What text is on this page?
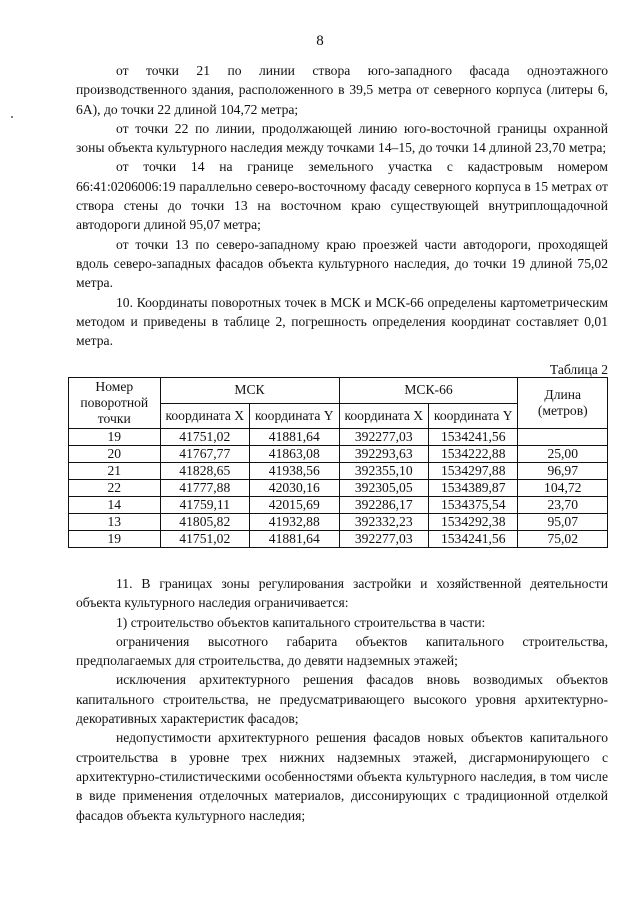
8

от точки 21 по линии створа юго-западного фасада одноэтажного производственного здания, расположенного в 39,5 метра от северного корпуса (литеры 6, 6А), до точки 22 длиной 104,72 метра;

от точки 22 по линии, продолжающей линию юго-восточной границы охранной зоны объекта культурного наследия между точками 14–15, до точки 14 длиной 23,70 метра;

от точки 14 на границе земельного участка с кадастровым номером 66:41:0206006:19 параллельно северо-восточному фасаду северного корпуса в 15 метрах от створа стены до точки 13 на восточном краю существующей внутриплощадочной автодороги длиной 95,07 метра;

от точки 13 по северо-западному краю проезжей части автодороги, проходящей вдоль северо-западных фасадов объекта культурного наследия, до точки 19 длиной 75,02 метра.

10. Координаты поворотных точек в МСК и МСК-66 определены картометрическим методом и приведены в таблице 2, погрешность определения координат составляет 0,01 метра.

Таблица 2
Номер поворотной точки	МСК		МСК-66		Длина (метров)
	координата X	координата Y	координата X	координата Y	
19	41751,02	41881,64	392277,03	1534241,56	
20	41767,77	41863,08	392293,63	1534222,88	25,00
21	41828,65	41938,56	392355,10	1534297,88	96,97
22	41777,88	42030,16	392305,05	1534389,87	104,72
14	41759,11	42015,69	392286,17	1534375,54	23,70
13	41805,82	41932,88	392332,23	1534292,38	95,07
19	41751,02	41881,64	392277,03	1534241,56	75,02

11. В границах зоны регулирования застройки и хозяйственной деятельности объекта культурного наследия ограничивается:

1) строительство объектов капитального строительства в части:

ограничения высотного габарита объектов капитального строительства, предполагаемых для строительства, до девяти надземных этажей;

исключения архитектурного решения фасадов вновь возводимых объектов капитального строительства, не предусматривающего высокого уровня архитектурно-декоративных характеристик фасадов;

недопустимости архитектурного решения фасадов новых объектов капитального строительства в уровне трех нижних надземных этажей, дисгармонирующего с архитектурно-стилистическими особенностями объекта культурного наследия, в том числе в виде применения отделочных материалов, диссонирующих с традиционной отделкой фасадов объекта культурного наследия;
